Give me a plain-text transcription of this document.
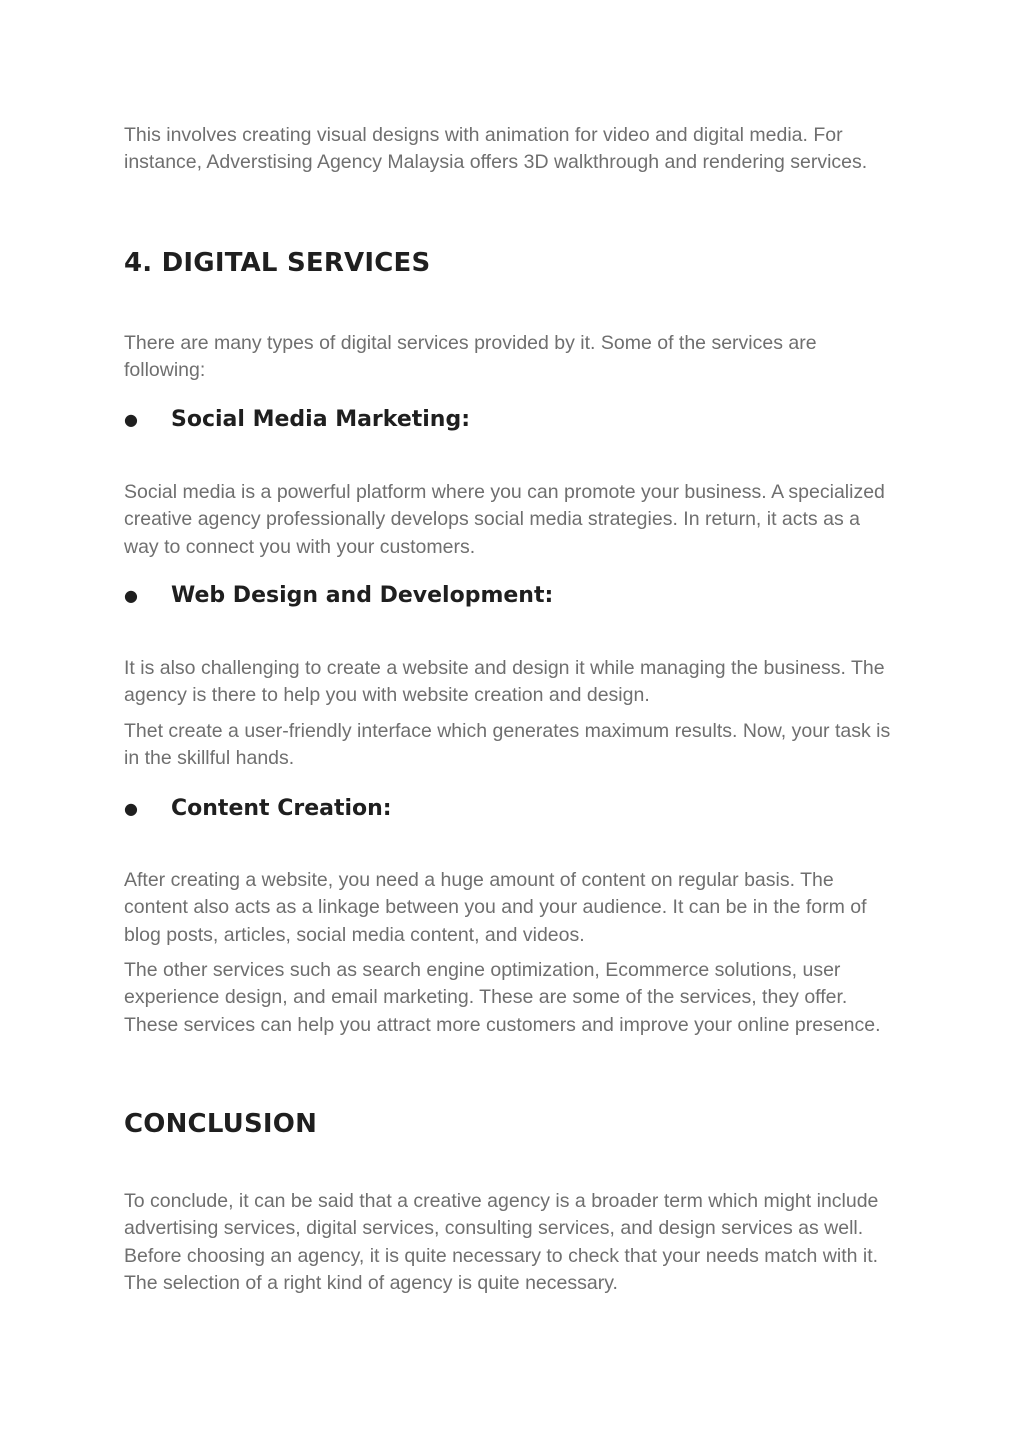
This involves creating visual designs with animation for video and digital media. For instance, Adverstising Agency Malaysia offers 3D walkthrough and rendering services.

4. DIGITAL SERVICES

There are many types of digital services provided by it. Some of the services are following:

●	Social Media Marketing:

Social media is a powerful platform where you can promote your business. A specialized creative agency professionally develops social media strategies. In return, it acts as a way to connect you with your customers.

●	Web Design and Development:

It is also challenging to create a website and design it while managing the business. The agency is there to help you with website creation and design.

Thet create a user-friendly interface which generates maximum results. Now, your task is in the skillful hands.

●	Content Creation:

After creating a website, you need a huge amount of content on regular basis. The content also acts as a linkage between you and your audience. It can be in the form of blog posts, articles, social media content, and videos.

The other services such as search engine optimization, Ecommerce solutions, user experience design, and email marketing. These are some of the services, they offer. These services can help you attract more customers and improve your online presence.

CONCLUSION

To conclude, it can be said that a creative agency is a broader term which might include advertising services, digital services, consulting services, and design services as well. Before choosing an agency, it is quite necessary to check that your needs match with it. The selection of a right kind of agency is quite necessary.
